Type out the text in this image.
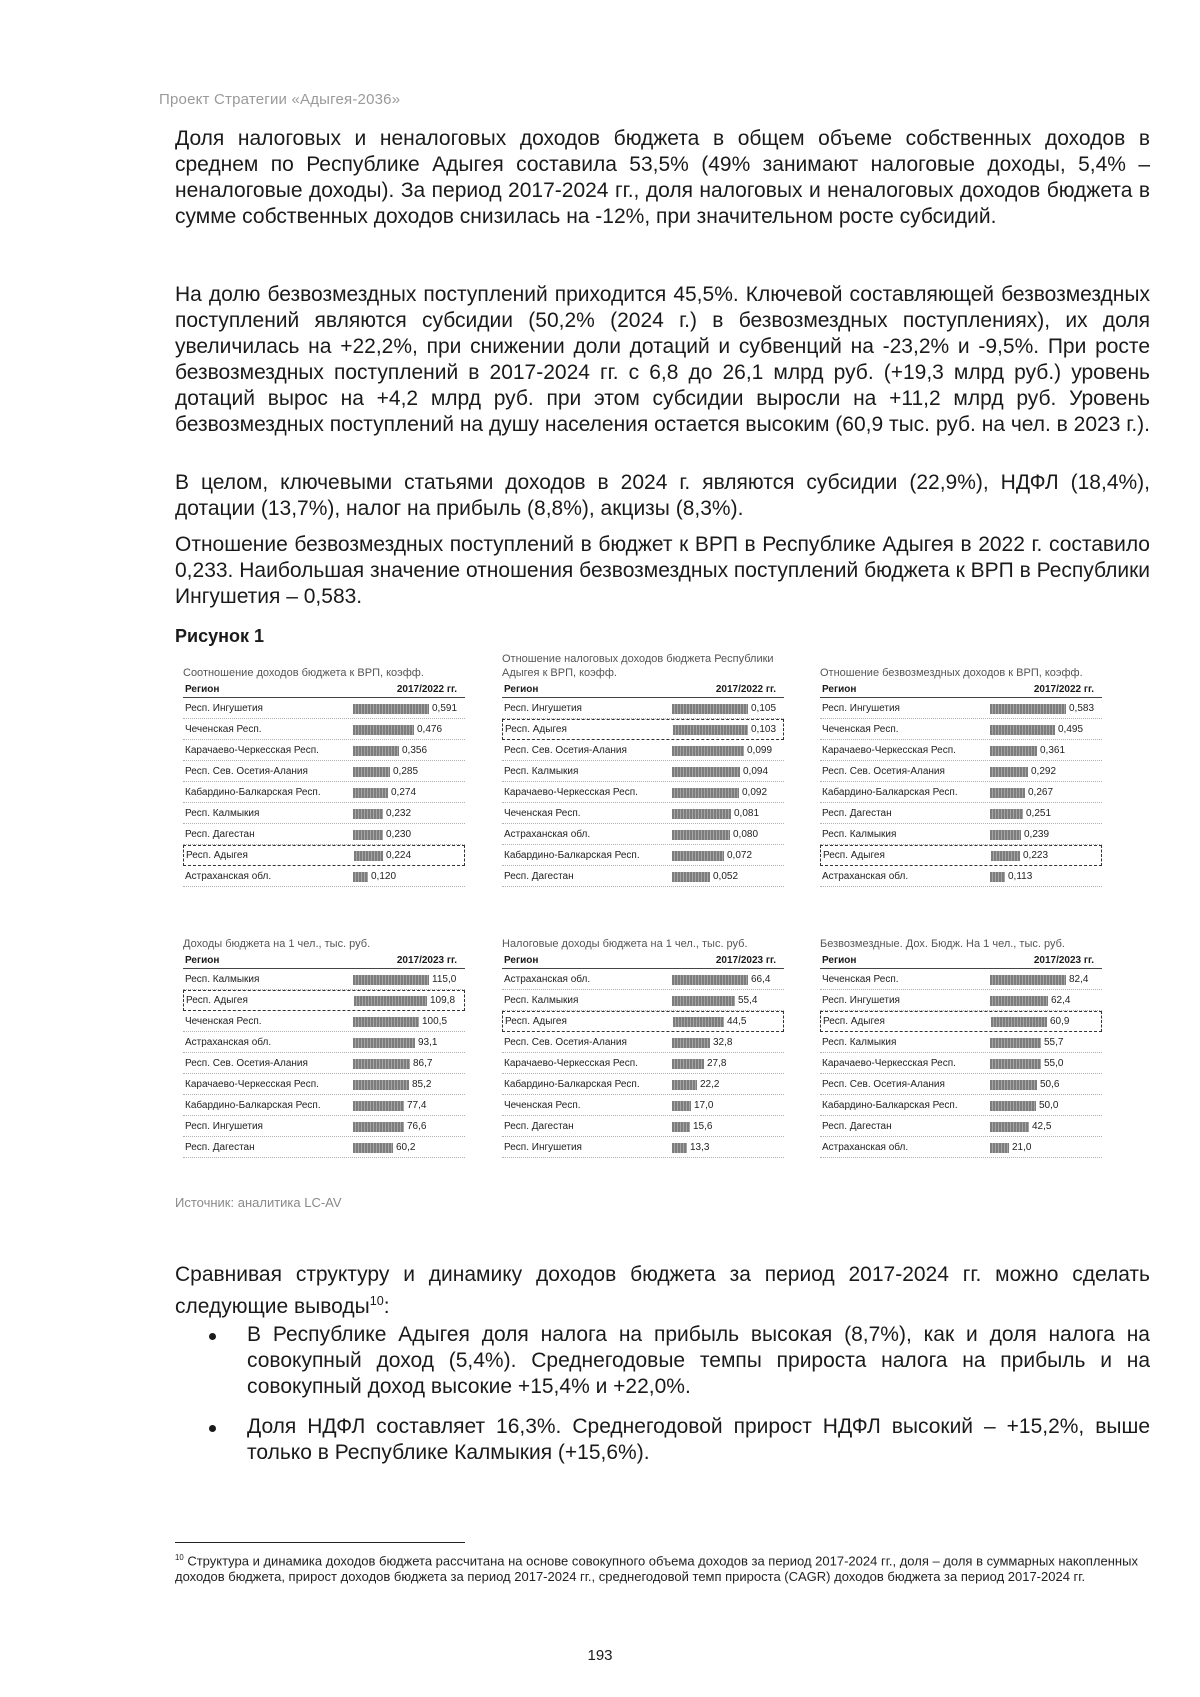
Проект Стратегии «Адыгея-2036»

Доля налоговых и неналоговых доходов бюджета в общем объеме собственных доходов в среднем по Республике Адыгея составила 53,5% (49% занимают налоговые доходы, 5,4% – неналоговые доходы). За период 2017-2024 гг., доля налоговых и неналоговых доходов бюджета в сумме собственных доходов снизилась на -12%, при значительном росте субсидий.

На долю безвозмездных поступлений приходится 45,5%. Ключевой составляющей безвозмездных поступлений являются субсидии (50,2% (2024 г.) в безвозмездных поступлениях), их доля увеличилась на +22,2%, при снижении доли дотаций и субвенций на -23,2% и -9,5%. При росте безвозмездных поступлений в 2017-2024 гг. с 6,8 до 26,1 млрд руб. (+19,3 млрд руб.) уровень дотаций вырос на +4,2 млрд руб. при этом субсидии выросли на +11,2 млрд руб. Уровень безвозмездных поступлений на душу населения остается высоким (60,9 тыс. руб. на чел. в 2023 г.).

В целом, ключевыми статьями доходов в 2024 г. являются субсидии (22,9%), НДФЛ (18,4%), дотации (13,7%), налог на прибыль (8,8%), акцизы (8,3%).

Отношение безвозмездных поступлений в бюджет к ВРП в Республике Адыгея в 2022 г. составило 0,233. Наибольшая значение отношения безвозмездных поступлений бюджета к ВРП в Республики Ингушетия – 0,583.

Рисунок 1
Соотношение доходов бюджета к ВРП, коэфф.
Регион	2017/2022 гг.
Респ. Ингушетия	0,591
Чеченская Респ.	0,476
Карачаево-Черкесская Респ.	0,356
Респ. Сев. Осетия-Алания	0,285
Кабардино-Балкарская Респ.	0,274
Респ. Калмыкия	0,232
Респ. Дагестан	0,230
Респ. Адыгея	0,224
Астраханская обл.	0,120
Отношение налоговых доходов бюджета Республики Адыгея к ВРП, коэфф.
Регион	2017/2022 гг.
Респ. Ингушетия	0,105
Респ. Адыгея	0,103
Респ. Сев. Осетия-Алания	0,099
Респ. Калмыкия	0,094
Карачаево-Черкесская Респ.	0,092
Чеченская Респ.	0,081
Астраханская обл.	0,080
Кабардино-Балкарская Респ.	0,072
Респ. Дагестан	0,052
Отношение безвозмездных доходов к ВРП, коэфф.
Регион	2017/2022 гг.
Респ. Ингушетия	0,583
Чеченская Респ.	0,495
Карачаево-Черкесская Респ.	0,361
Респ. Сев. Осетия-Алания	0,292
Кабардино-Балкарская Респ.	0,267
Респ. Дагестан	0,251
Респ. Калмыкия	0,239
Респ. Адыгея	0,223
Астраханская обл.	0,113
Доходы бюджета на 1 чел., тыс. руб.
Регион	2017/2023 гг.
Респ. Калмыкия	115,0
Респ. Адыгея	109,8
Чеченская Респ.	100,5
Астраханская обл.	93,1
Респ. Сев. Осетия-Алания	86,7
Карачаево-Черкесская Респ.	85,2
Кабардино-Балкарская Респ.	77,4
Респ. Ингушетия	76,6
Респ. Дагестан	60,2
Налоговые доходы бюджета на 1 чел., тыс. руб.
Регион	2017/2023 гг.
Астраханская обл.	66,4
Респ. Калмыкия	55,4
Респ. Адыгея	44,5
Респ. Сев. Осетия-Алания	32,8
Карачаево-Черкесская Респ.	27,8
Кабардино-Балкарская Респ.	22,2
Чеченская Респ.	17,0
Респ. Дагестан	15,6
Респ. Ингушетия	13,3
Безвозмездные. Дох. Бюдж. На 1 чел., тыс. руб.
Регион	2017/2023 гг.
Чеченская Респ.	82,4
Респ. Ингушетия	62,4
Респ. Адыгея	60,9
Респ. Калмыкия	55,7
Карачаево-Черкесская Респ.	55,0
Респ. Сев. Осетия-Алания	50,6
Кабардино-Балкарская Респ.	50,0
Респ. Дагестан	42,5
Астраханская обл.	21,0
Источник: аналитика LC-AV

Сравнивая структуру и динамику доходов бюджета за период 2017-2024 гг. можно сделать следующие выводы$^{10}$:

В Республике Адыгея доля налога на прибыль высокая (8,7%), как и доля налога на совокупный доход (5,4%). Среднегодовые темпы прироста налога на прибыль и на совокупный доход высокие +15,4% и +22,0%.
Доля НДФЛ составляет 16,3%. Среднегодовой прирост НДФЛ высокий – +15,2%, выше только в Республике Калмыкия (+15,6%).
$^{10}$ Структура и динамика доходов бюджета рассчитана на основе совокупного объема доходов за период 2017-2024 гг., доля – доля в суммарных накопленных доходов бюджета, прирост доходов бюджета за период 2017-2024 гг., среднегодовой темп прироста (CAGR) доходов бюджета за период 2017-2024 гг.
193
